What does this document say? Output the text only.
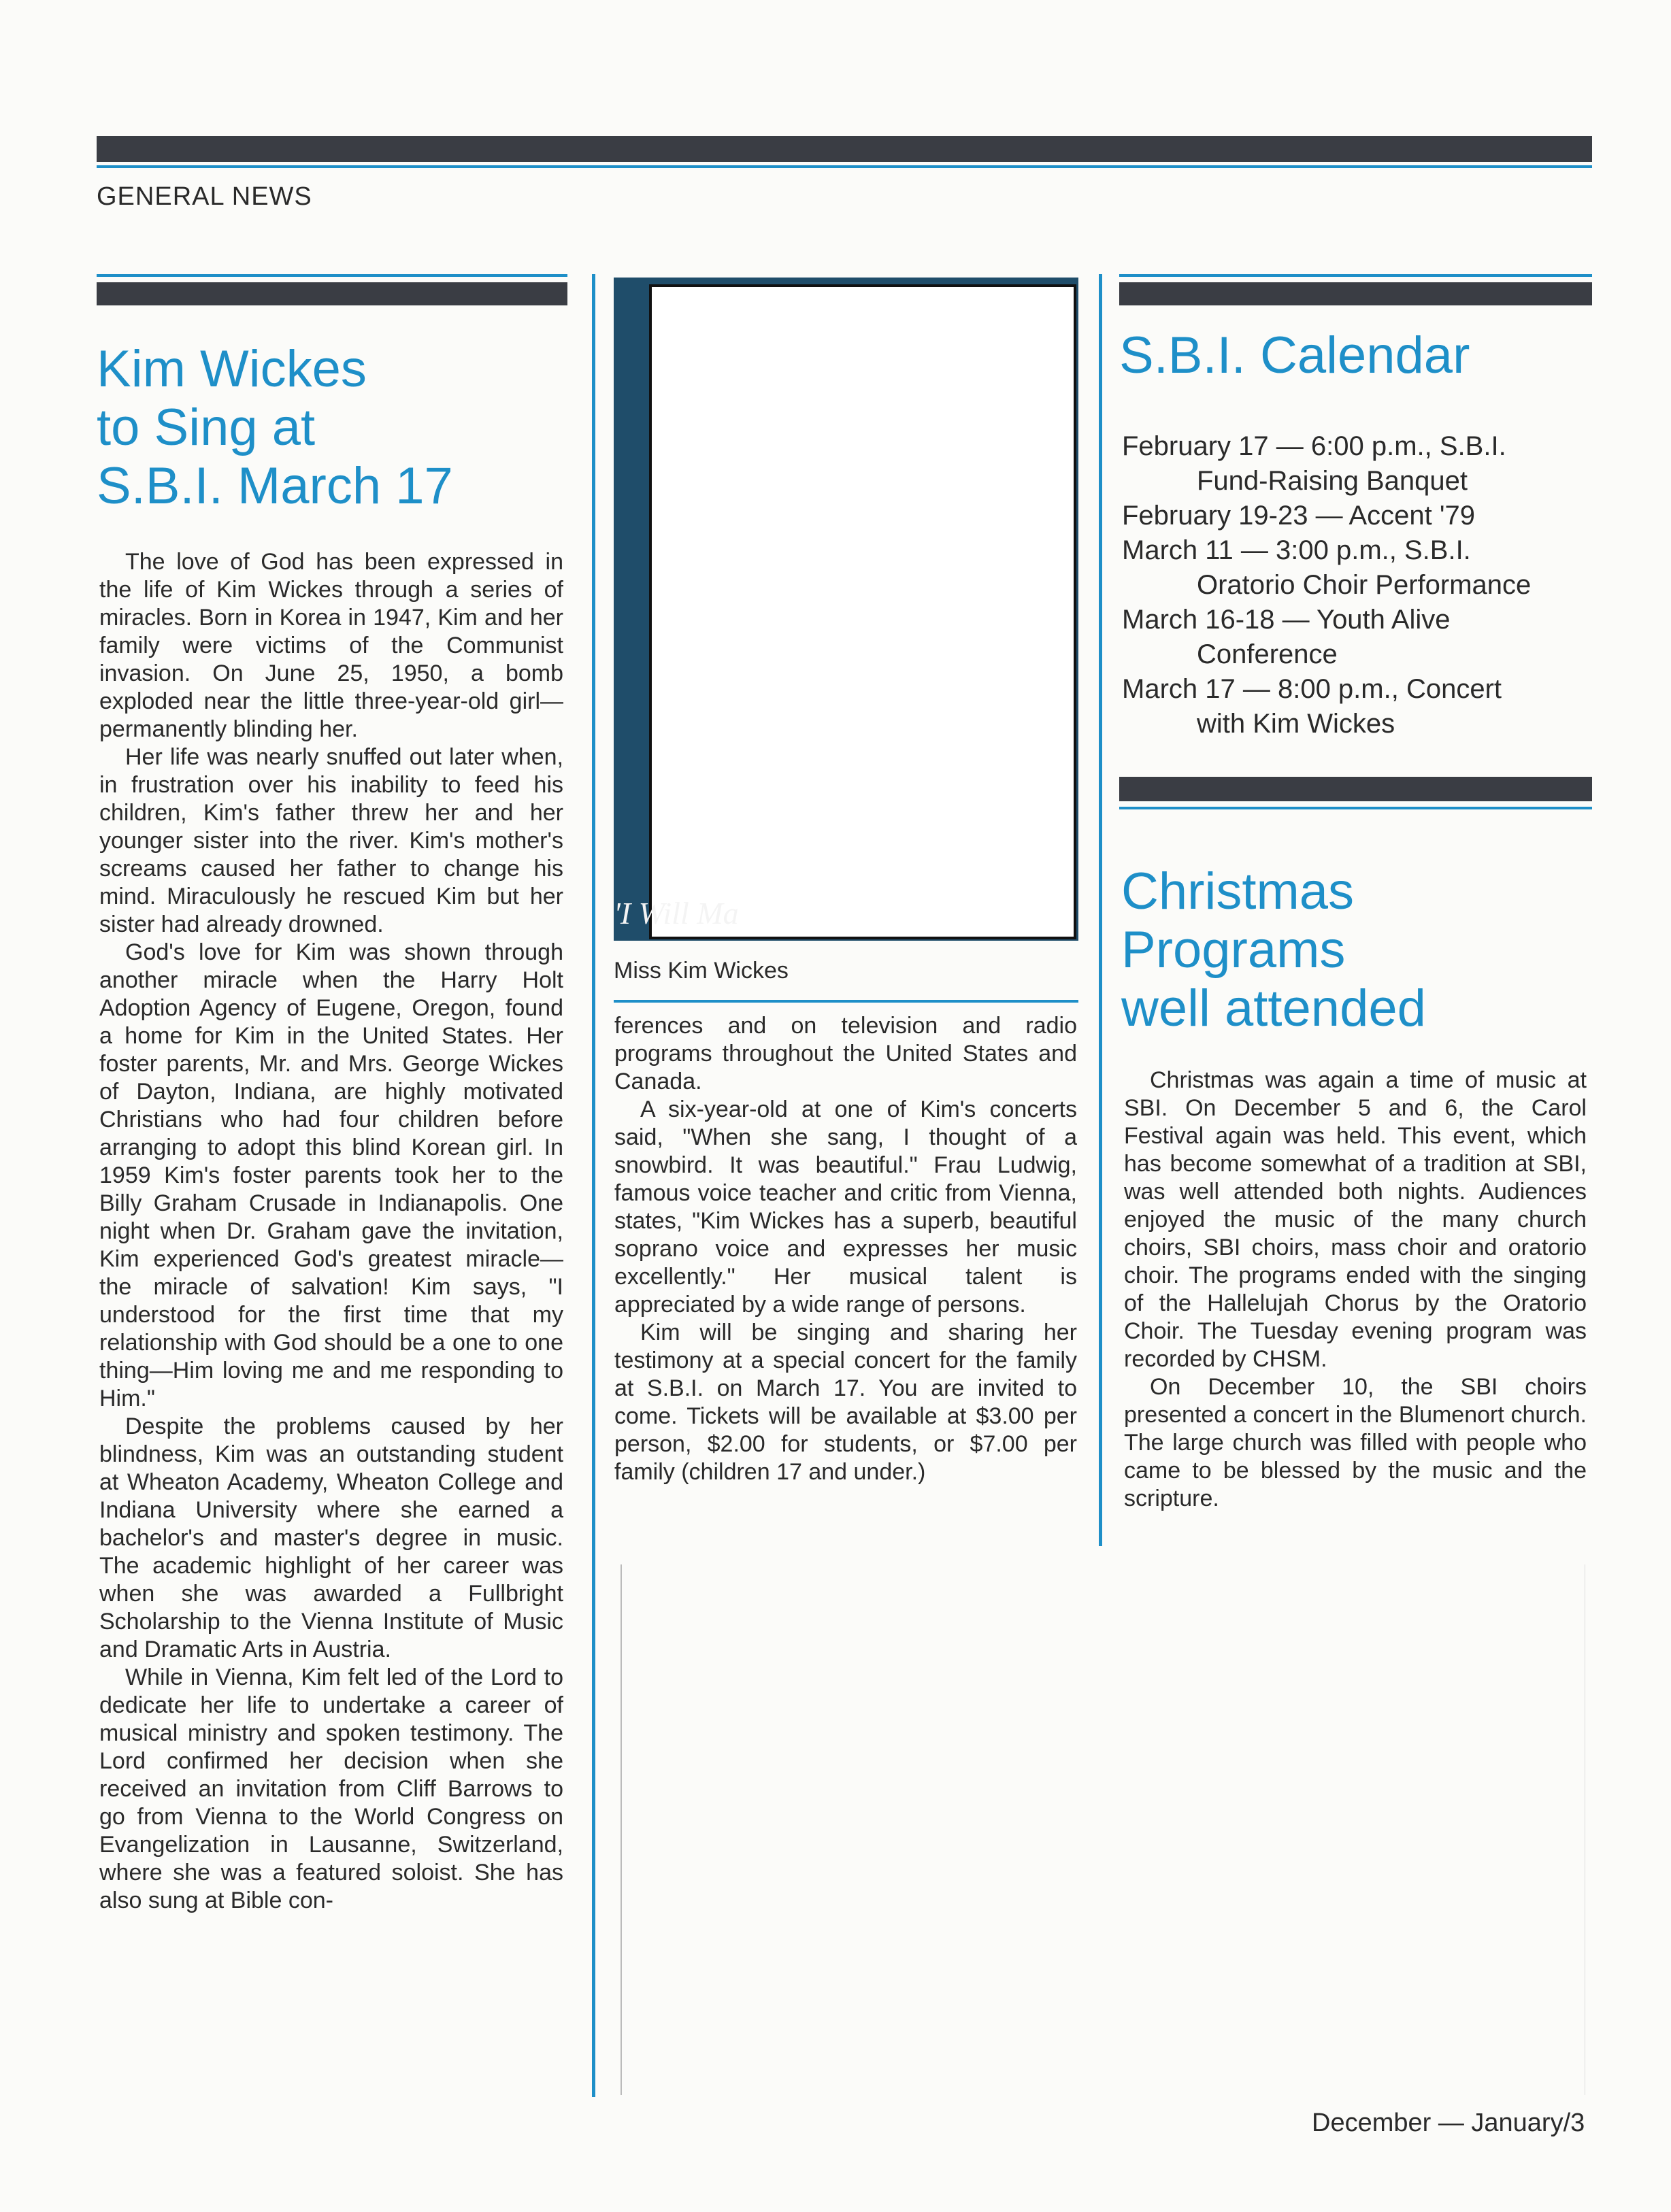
GENERAL NEWS
Kim Wickes
to Sing at
S.B.I. March 17

The love of God has been expressed in the life of Kim Wickes through a series of miracles. Born in Korea in 1947, Kim and her family were victims of the Communist invasion. On June 25, 1950, a bomb exploded near the little three-year-old girl—permanently blinding her.

Her life was nearly snuffed out later when, in frustration over his inability to feed his children, Kim's father threw her and her younger sister into the river. Kim's mother's screams caused her father to change his mind. Miraculously he rescued Kim but her sister had already drowned.

God's love for Kim was shown through another miracle when the Harry Holt Adoption Agency of Eugene, Oregon, found a home for Kim in the United States. Her foster parents, Mr. and Mrs. George Wickes of Dayton, Indiana, are highly motivated Christians who had four children before arranging to adopt this blind Korean girl. In 1959 Kim's foster parents took her to the Billy Graham Crusade in Indianapolis. One night when Dr. Graham gave the invitation, Kim experienced God's greatest miracle—the miracle of salvation! Kim says, "I understood for the first time that my relationship with God should be a one to one thing—Him loving me and me responding to Him."

Despite the problems caused by her blindness, Kim was an outstanding student at Wheaton Academy, Wheaton College and Indiana University where she earned a bachelor's and master's degree in music. The academic highlight of her career was when she was awarded a Fullbright Scholarship to the Vienna Institute of Music and Dramatic Arts in Austria.

While in Vienna, Kim felt led of the Lord to dedicate her life to undertake a career of musical ministry and spoken testimony. The Lord confirmed her decision when she received an invitation from Cliff Barrows to go from Vienna to the World Congress on Evangelization in Lausanne, Switzerland, where she was a featured soloist. She has also sung at Bible con-

'I Will Ma
Miss Kim Wickes

ferences and on television and radio programs throughout the United States and Canada.

A six-year-old at one of Kim's concerts said, "When she sang, I thought of a snowbird. It was beautiful." Frau Ludwig, famous voice teacher and critic from Vienna, states, "Kim Wickes has a superb, beautiful soprano voice and expresses her music excellently." Her musical talent is appreciated by a wide range of persons.

Kim will be singing and sharing her testimony at a special concert for the family at S.B.I. on March 17. You are invited to come. Tickets will be available at $3.00 per person, $2.00 for students, or $7.00 per family (children 17 and under.)

S.B.I. Calendar
February 17 — 6:00 p.m., S.B.I.
Fund-Raising Banquet
February 19-23 — Accent '79
March 11 — 3:00 p.m., S.B.I.
Oratorio Choir Performance
March 16-18 — Youth Alive
Conference
March 17 — 8:00 p.m., Concert
with Kim Wickes
Christmas
Programs
well attended

Christmas was again a time of music at SBI. On December 5 and 6, the Carol Festival again was held. This event, which has become somewhat of a tradition at SBI, was well attended both nights. Audiences enjoyed the music of the many church choirs, SBI choirs, mass choir and oratorio choir. The programs ended with the singing of the Hallelujah Chorus by the Oratorio Choir. The Tuesday evening program was recorded by CHSM.

On December 10, the SBI choirs presented a concert in the Blumenort church. The large church was filled with people who came to be blessed by the music and the scripture.

December — January/3
